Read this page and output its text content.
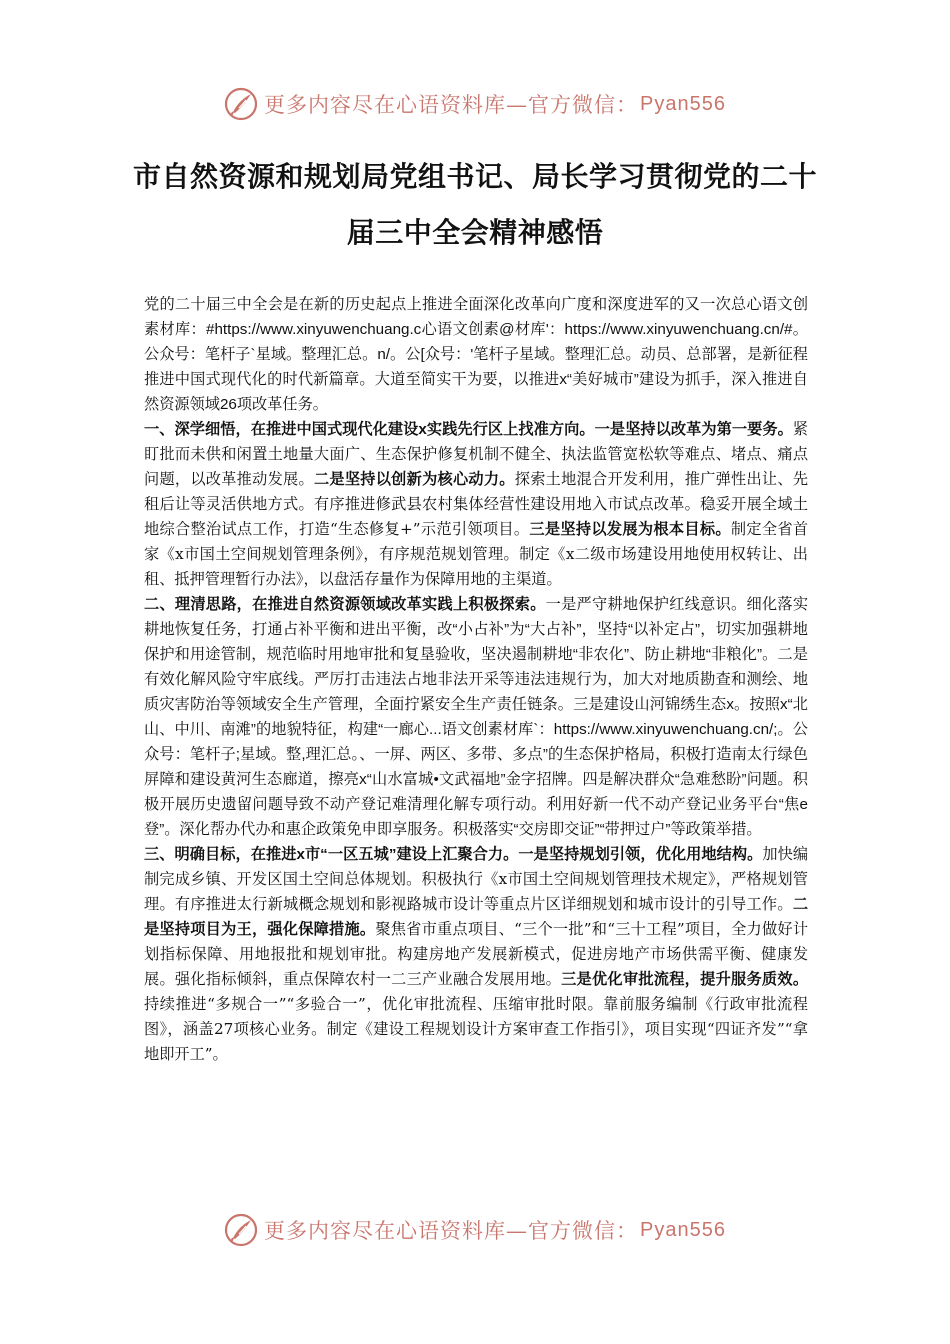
更多内容尽在心语资料库—官方微信： Pyan556
市自然资源和规划局党组书记、局长学习贯彻党的二十届三中全会精神感悟

党的二十届三中全会是在新的历史起点上推进全面深化改革向广度和深度进军的又一次总心语文创素材库：#https://www.xinyuwenchuang.c心语文创素@材库'：https://www.xinyuwenchuang.cn/#。公众号：笔杆子`星域。整理汇总。n/。公[众号：'笔杆子星域。整理汇总。动员、总部署，是新征程推进中国式现代化的时代新篇章。大道至简实干为要，以推进x“美好城市”建设为抓手，深入推进自然资源领域26项改革任务。

一、深学细悟，在推进中国式现代化建设x实践先行区上找准方向。一是坚持以改革为第一要务。紧盯批而未供和闲置土地量大面广、生态保护修复机制不健全、执法监管宽松软等难点、堵点、痛点问题，以改革推动发展。二是坚持以创新为核心动力。探索土地混合开发利用，推广弹性出让、先租后让等灵活供地方式。有序推进修武县农村集体经营性建设用地入市试点改革。稳妥开展全域土地综合整治试点工作，打造“生态修复+”示范引领项目。三是坚持以发展为根本目标。制定全省首家《x市国土空间规划管理条例》，有序规范规划管理。制定《x二级市场建设用地使用权转让、出租、抵押管理暂行办法》，以盘活存量作为保障用地的主渠道。

二、理清思路，在推进自然资源领域改革实践上积极探索。一是严守耕地保护红线意识。细化落实耕地恢复任务，打通占补平衡和进出平衡，改“小占补”为“大占补”，坚持“以补定占”，切实加强耕地保护和用途管制，规范临时用地审批和复垦验收，坚决遏制耕地“非农化”、防止耕地“非粮化”。二是有效化解风险守牢底线。严厉打击违法占地非法开采等违法违规行为，加大对地质勘查和测绘、地质灾害防治等领域安全生产管理，全面拧紧安全生产责任链条。三是建设山河锦绣生态x。按照x“北山、中川、南滩”的地貌特征，构建“一廊心...语文创素材库`：https://www.xinyuwenchuang.cn/;。公众号：笔杆子;星域。整,理汇总。、一屏、两区、多带、多点”的生态保护格局，积极打造南太行绿色屏障和建设黄河生态廊道，擦亮x“山水富城•文武福地”金字招牌。四是解决群众“急难愁盼”问题。积极开展历史遗留问题导致不动产登记难清理化解专项行动。利用好新一代不动产登记业务平台“焦e登”。深化帮办代办和惠企政策免申即享服务。积极落实“交房即交证”“带押过户”等政策举措。

三、明确目标，在推进x市“一区五城”建设上汇聚合力。一是坚持规划引领，优化用地结构。加快编制完成乡镇、开发区国土空间总体规划。积极执行《x市国土空间规划管理技术规定》，严格规划管理。有序推进太行新城概念规划和影视路城市设计等重点片区详细规划和城市设计的引导工作。二是坚持项目为王，强化保障措施。聚焦省市重点项目、“三个一批”和“三十工程”项目，全力做好计划指标保障、用地报批和规划审批。构建房地产发展新模式，促进房地产市场供需平衡、健康发展。强化指标倾斜，重点保障农村一二三产业融合发展用地。三是优化审批流程，提升服务质效。持续推进“多规合一”“多验合一”，优化审批流程、压缩审批时限。靠前服务编制《行政审批流程图》，涵盖27项核心业务。制定《建设工程规划设计方案审查工作指引》，项目实现“四证齐发”“拿地即开工”。

更多内容尽在心语资料库—官方微信： Pyan556
